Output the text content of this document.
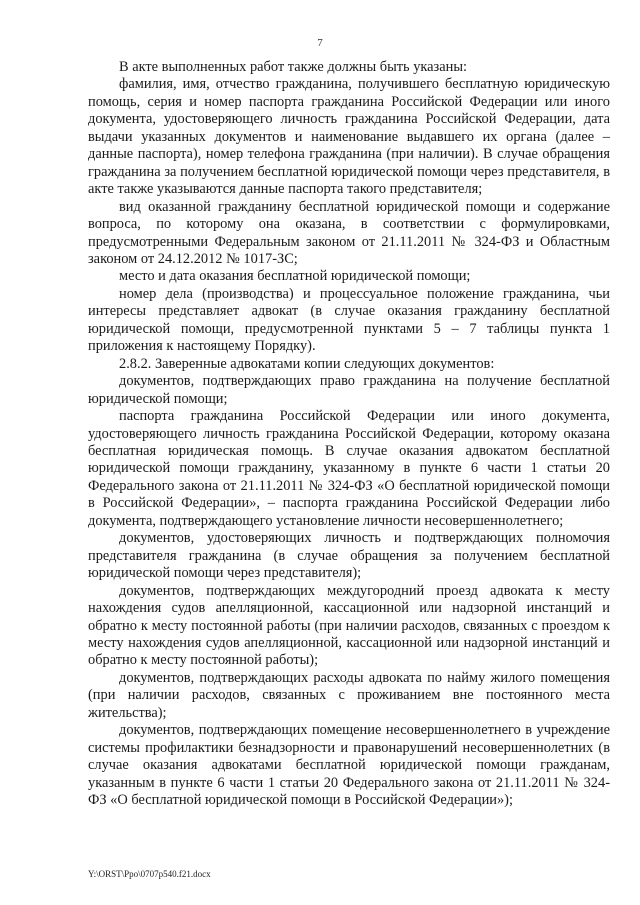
7

В акте выполненных работ также должны быть указаны:

фамилия, имя, отчество гражданина, получившего бесплатную юридическую помощь, серия и номер паспорта гражданина Российской Федерации или иного документа, удостоверяющего личность гражданина Российской Федерации, дата выдачи указанных документов и наименование выдавшего их органа (далее – данные паспорта), номер телефона гражданина (при наличии). В случае обращения гражданина за получением бесплатной юридической помощи через представителя, в акте также указываются данные паспорта такого представителя;

вид оказанной гражданину бесплатной юридической помощи и содержание вопроса, по которому она оказана, в соответствии с формулировками, предусмотренными Федеральным законом от 21.11.2011 № 324-ФЗ и Областным законом от 24.12.2012 № 1017-ЗС;

место и дата оказания бесплатной юридической помощи;

номер дела (производства) и процессуальное положение гражданина, чьи интересы представляет адвокат (в случае оказания гражданину бесплатной юридической помощи, предусмотренной пунктами 5 – 7 таблицы пункта 1 приложения к настоящему Порядку).

2.8.2. Заверенные адвокатами копии следующих документов:

документов, подтверждающих право гражданина на получение бесплатной юридической помощи;

паспорта гражданина Российской Федерации или иного документа, удостоверяющего личность гражданина Российской Федерации, которому оказана бесплатная юридическая помощь. В случае оказания адвокатом бесплатной юридической помощи гражданину, указанному в пункте 6 части 1 статьи 20 Федерального закона от 21.11.2011 № 324-ФЗ «О бесплатной юридической помощи в Российской Федерации», – паспорта гражданина Российской Федерации либо документа, подтверждающего установление личности несовершеннолетнего;

документов, удостоверяющих личность и подтверждающих полномочия представителя гражданина (в случае обращения за получением бесплатной юридической помощи через представителя);

документов, подтверждающих междугородний проезд адвоката к месту нахождения судов апелляционной, кассационной или надзорной инстанций и обратно к месту постоянной работы (при наличии расходов, связанных с проездом к месту нахождения судов апелляционной, кассационной или надзорной инстанций и обратно к месту постоянной работы);

документов, подтверждающих расходы адвоката по найму жилого помещения (при наличии расходов, связанных с проживанием вне постоянного места жительства);

документов, подтверждающих помещение несовершеннолетнего в учреждение системы профилактики безнадзорности и правонарушений несовершеннолетних (в случае оказания адвокатами бесплатной юридической помощи гражданам, указанным в пункте 6 части 1 статьи 20 Федерального закона от 21.11.2011 № 324-ФЗ «О бесплатной юридической помощи в Российской Федерации»);

Y:\ORST\Ppo\0707p540.f21.docx
